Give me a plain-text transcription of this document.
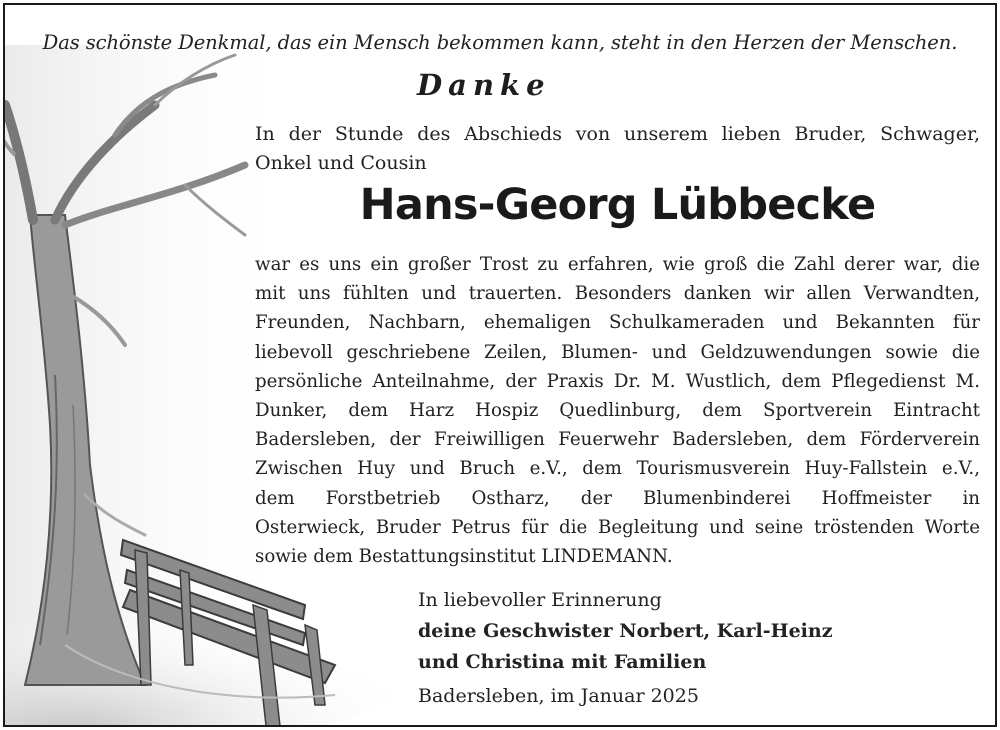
Das schönste Denkmal, das ein Mensch bekommen kann, steht in den Herzen der Menschen.
Danke
In der Stunde des Abschieds von unserem lieben Bruder, Schwager,
Onkel und Cousin
Hans-Georg Lübbecke
war es uns ein großer Trost zu erfahren, wie groß die Zahl derer war, die
mit uns fühlten und trauerten. Besonders danken wir allen Verwandten,
Freunden, Nachbarn, ehemaligen Schulkameraden und Bekannten für
liebevoll geschriebene Zeilen, Blumen- und Geldzuwendungen sowie die
persönliche Anteilnahme, der Praxis Dr. M. Wustlich, dem Pflegedienst M.
Dunker, dem Harz Hospiz Quedlinburg, dem Sportverein Eintracht
Badersleben, der Freiwilligen Feuerwehr Badersleben, dem Förderverein
Zwischen Huy und Bruch e.V., dem Tourismusverein Huy-Fallstein e.V.,
dem Forstbetrieb Ostharz, der Blumenbinderei Hoffmeister in
Osterwieck, Bruder Petrus für die Begleitung und seine tröstenden Worte
sowie dem Bestattungsinstitut LINDEMANN.
In liebevoller Erinnerung
deine Geschwister Norbert, Karl-Heinz
und Christina mit Familien
Badersleben, im Januar 2025
